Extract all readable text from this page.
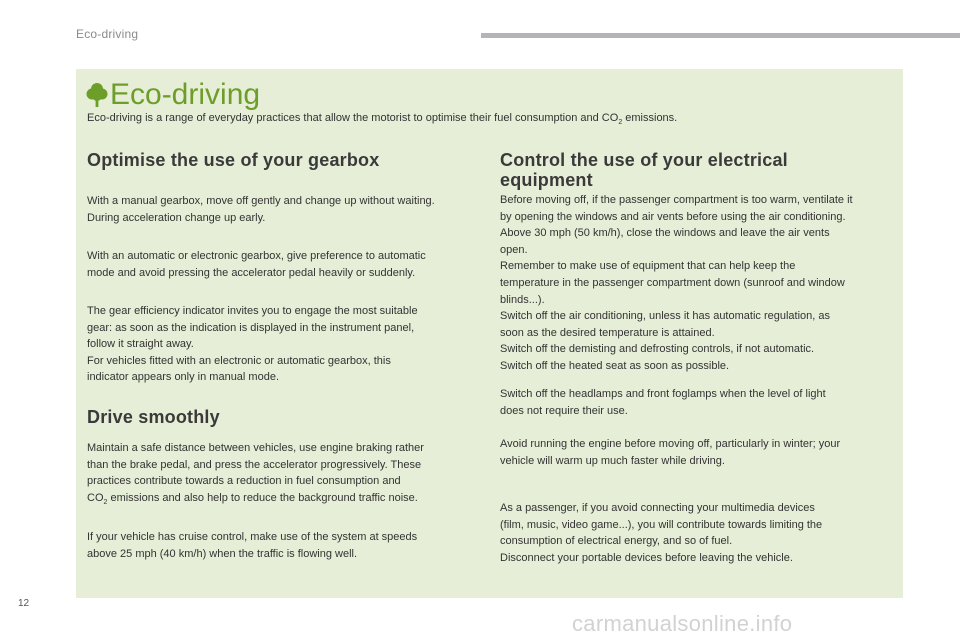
Eco-driving
Eco-driving
Eco-driving is a range of everyday practices that allow the motorist to optimise their fuel consumption and $CO_2$ emissions.
Optimise the use of your gearbox

With a manual gearbox, move off gently and change up without waiting.
During acceleration change up early.

With an automatic or electronic gearbox, give preference to automatic
mode and avoid pressing the accelerator pedal heavily or suddenly.

The gear efficiency indicator invites you to engage the most suitable
gear: as soon as the indication is displayed in the instrument panel,
follow it straight away.
For vehicles fitted with an electronic or automatic gearbox, this
indicator appears only in manual mode.

Drive smoothly

Maintain a safe distance between vehicles, use engine braking rather
than the brake pedal, and press the accelerator progressively. These
practices contribute towards a reduction in fuel consumption and
$CO_2$ emissions and also help to reduce the background traffic noise.

If your vehicle has cruise control, make use of the system at speeds
above 25 mph (40 km/h) when the traffic is flowing well.

Control the use of your electrical
equipment

Before moving off, if the passenger compartment is too warm, ventilate it
by opening the windows and air vents before using the air conditioning.
Above 30 mph (50 km/h), close the windows and leave the air vents
open.
Remember to make use of equipment that can help keep the
temperature in the passenger compartment down (sunroof and window
blinds...).
Switch off the air conditioning, unless it has automatic regulation, as
soon as the desired temperature is attained.
Switch off the demisting and defrosting controls, if not automatic.
Switch off the heated seat as soon as possible.

Switch off the headlamps and front foglamps when the level of light
does not require their use.

Avoid running the engine before moving off, particularly in winter; your
vehicle will warm up much faster while driving.

As a passenger, if you avoid connecting your multimedia devices
(film, music, video game...), you will contribute towards limiting the
consumption of electrical energy, and so of fuel.
Disconnect your portable devices before leaving the vehicle.

12
carmanualsonline.info
